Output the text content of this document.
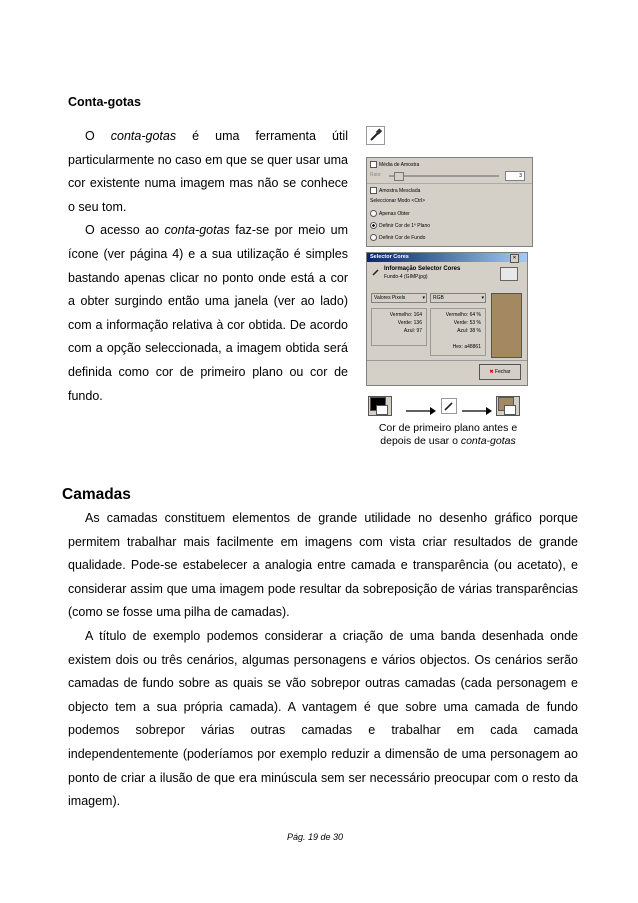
Conta-gotas

O conta-gotas é uma ferramenta útil particularmente no caso em que se quer usar uma cor existente numa imagem mas não se conhece o seu tom.

O acesso ao conta-gotas faz-se por meio um ícone (ver página 4) e a sua utilização é simples bastando apenas clicar no ponto onde está a cor a obter surgindo então uma janela (ver ao lado) com a informação relativa à cor obtida. De acordo com a opção seleccionada, a imagem obtida será definida como cor de primeiro plano ou cor de fundo.

Média de Amostra
Raio:	3
Amostra Mesclada
Seleccionar Modo <Ctrl>
Apenas Obter
Definir Cor de 1º Plano
Definir Cor de Fundo
Selector Cores	✕
Informação Selector Cores
Fundo-4 (GIMP.jpg)
Valores Pixels	▾	RGB	▾
Vermelho: 164
Verde: 136
Azul: 97
Vermelho: 64 %
Verde: 53 %
Azul: 38 %
Hex: a48861
✖ Fechar
Cor de primeiro plano antes e depois de usar o conta-gotas
Camadas

As camadas constituem elementos de grande utilidade no desenho gráfico porque permitem trabalhar mais facilmente em imagens com vista criar resultados de grande qualidade. Pode-se estabelecer a analogia entre camada e transparência (ou acetato), e considerar assim que uma imagem pode resultar da sobreposição de várias transparências (como se fosse uma pilha de camadas).

A título de exemplo podemos considerar a criação de uma banda desenhada onde existem dois ou três cenários, algumas personagens e vários objectos. Os cenários serão camadas de fundo sobre as quais se vão sobrepor outras camadas (cada personagem e objecto tem a sua própria camada). A vantagem é que sobre uma camada de fundo podemos sobrepor várias outras camadas e trabalhar em cada camada independentemente (poderíamos por exemplo reduzir a dimensão de uma personagem ao ponto de criar a ilusão de que era minúscula sem ser necessário preocupar com o resto da imagem).

Pág. 19 de 30
